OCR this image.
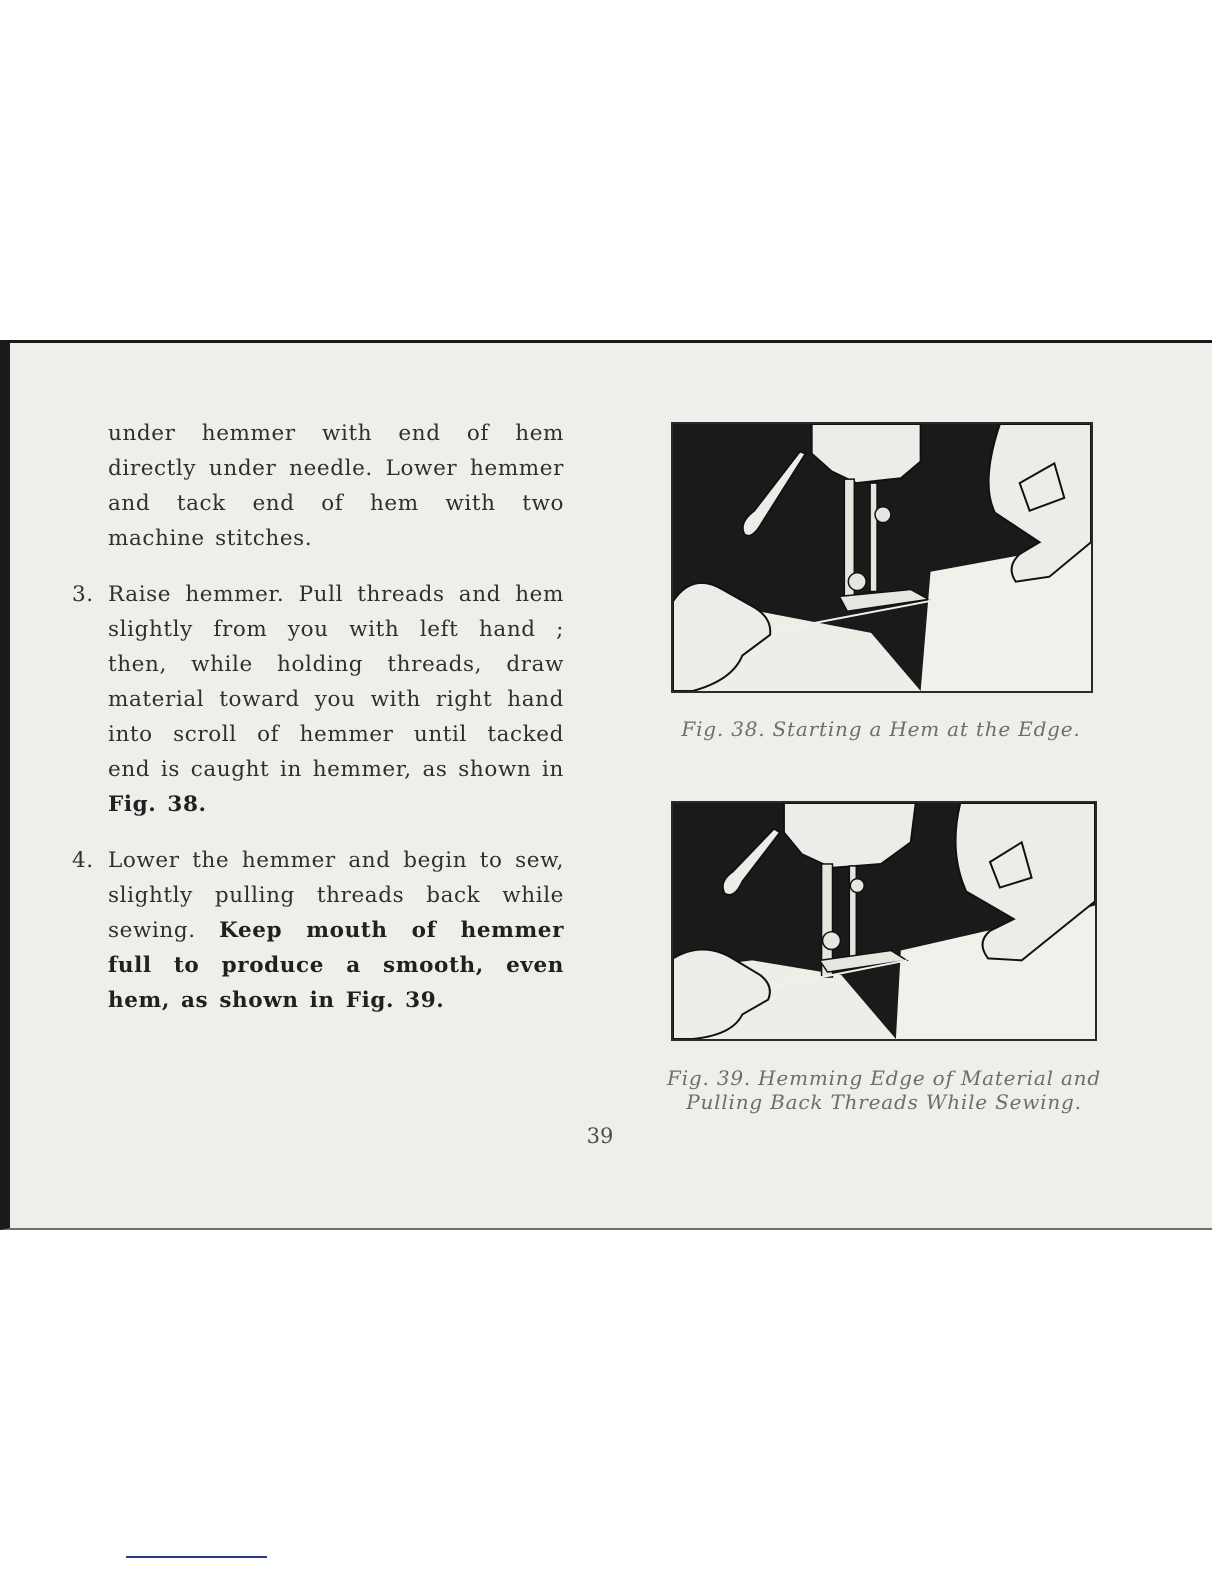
under hemmer with end of hem directly under needle. Lower hemmer and tack end of hem with two machine stitches.

3. Raise hemmer. Pull threads and hem slightly from you with left hand ; then, while holding threads, draw material toward you with right hand into scroll of hemmer until tacked end is caught in hemmer, as shown in Fig. 38.

4. Lower the hemmer and begin to sew, slightly pulling threads back while sewing. Keep mouth of hemmer full to produce a smooth, even hem, as shown in Fig. 39.

Fig. 38. Starting a Hem at the Edge.
Fig. 39. Hemming Edge of Material and
Pulling Back Threads While Sewing.
39
